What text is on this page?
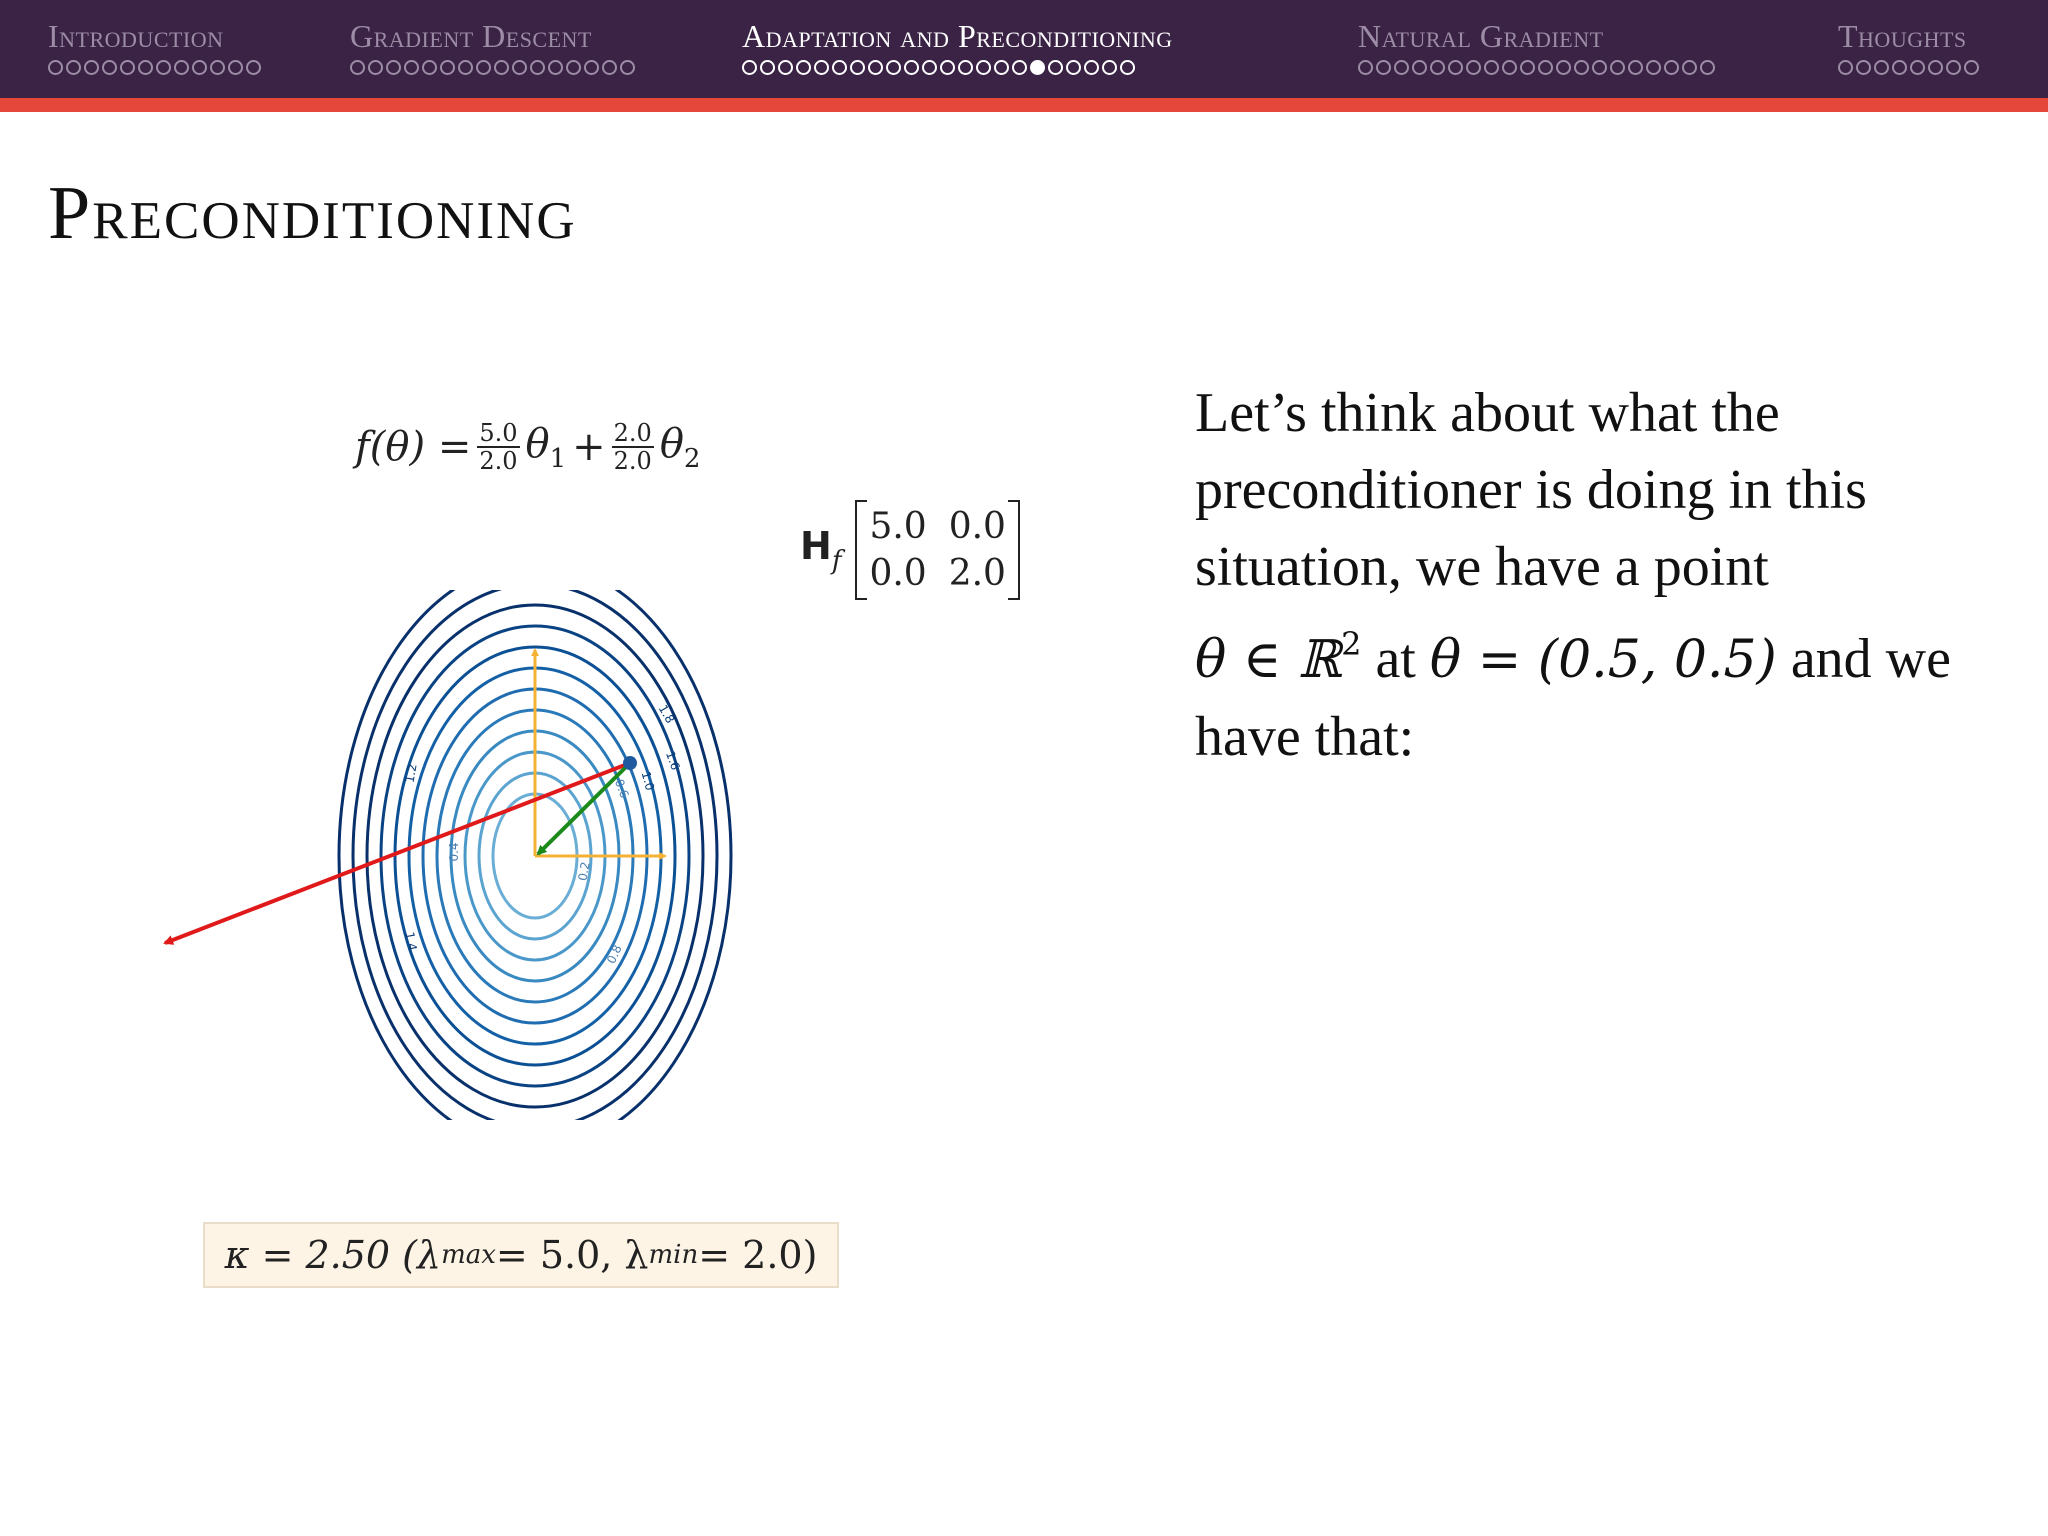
Introduction	Gradient Descent	Adaptation and Preconditioning	Natural Gradient	Thoughts
Preconditioning
$f(\theta) = \frac{5.0}{2.0} \theta_1 + \frac{2.0}{2.0} \theta_2$
$H_f$
5.0 0.0
0.0 2.0
0.2
0.4
0.6
0.8
1.0
1.2
1.4
1.6
1.8
κ = 2.50 (λ max = 5.0, λ min = 2.0)

Let’s think about what the preconditioner is doing in this situation, we have a point
θ ∈ ℝ$^2$ at θ = (0.5, 0.5) and we have that:
